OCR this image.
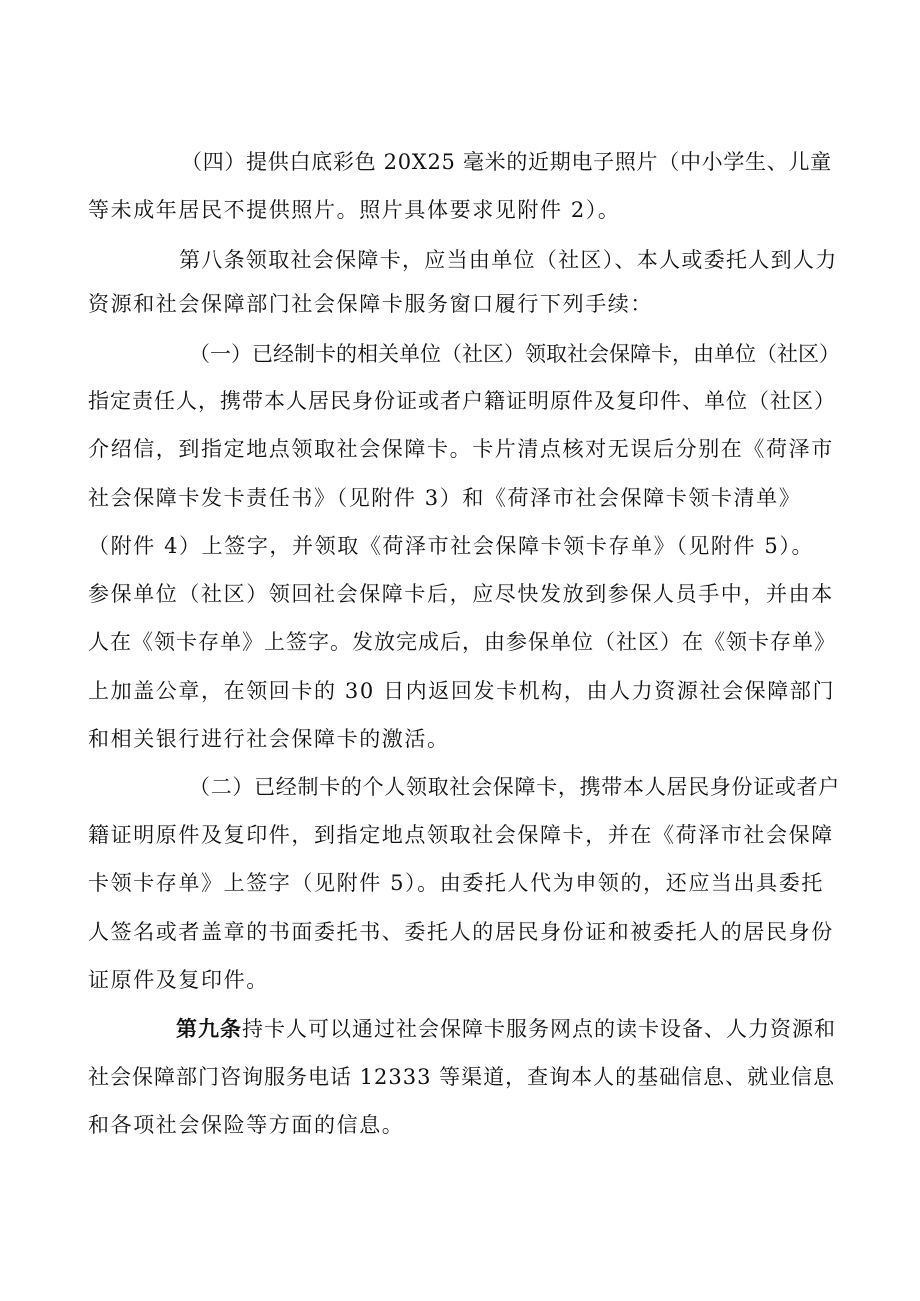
（四）提供白底彩色 20X25 毫米的近期电子照片（中小学生、儿童
等未成年居民不提供照片。照片具体要求见附件 2）。
第八条领取社会保障卡，应当由单位（社区）、本人或委托人到人力
资源和社会保障部门社会保障卡服务窗口履行下列手续：
（一）已经制卡的相关单位（社区）领取社会保障卡，由单位（社区）
指定责任人，携带本人居民身份证或者户籍证明原件及复印件、单位（社区）
介绍信，到指定地点领取社会保障卡。卡片清点核对无误后分别在《荷泽市
社会保障卡发卡责任书》（见附件 3）和《荷泽市社会保障卡领卡清单》
（附件 4）上签字，并领取《荷泽市社会保障卡领卡存单》（见附件 5）。
参保单位（社区）领回社会保障卡后，应尽快发放到参保人员手中，并由本
人在《领卡存单》上签字。发放完成后，由参保单位（社区）在《领卡存单》
上加盖公章，在领回卡的 30 日内返回发卡机构，由人力资源社会保障部门
和相关银行进行社会保障卡的激活。
（二）已经制卡的个人领取社会保障卡，携带本人居民身份证或者户
籍证明原件及复印件，到指定地点领取社会保障卡，并在《荷泽市社会保障
卡领卡存单》上签字（见附件 5）。由委托人代为申领的，还应当出具委托
人签名或者盖章的书面委托书、委托人的居民身份证和被委托人的居民身份
证原件及复印件。
第九条持卡人可以通过社会保障卡服务网点的读卡设备、人力资源和
社会保障部门咨询服务电话 12333 等渠道，查询本人的基础信息、就业信息
和各项社会保险等方面的信息。
